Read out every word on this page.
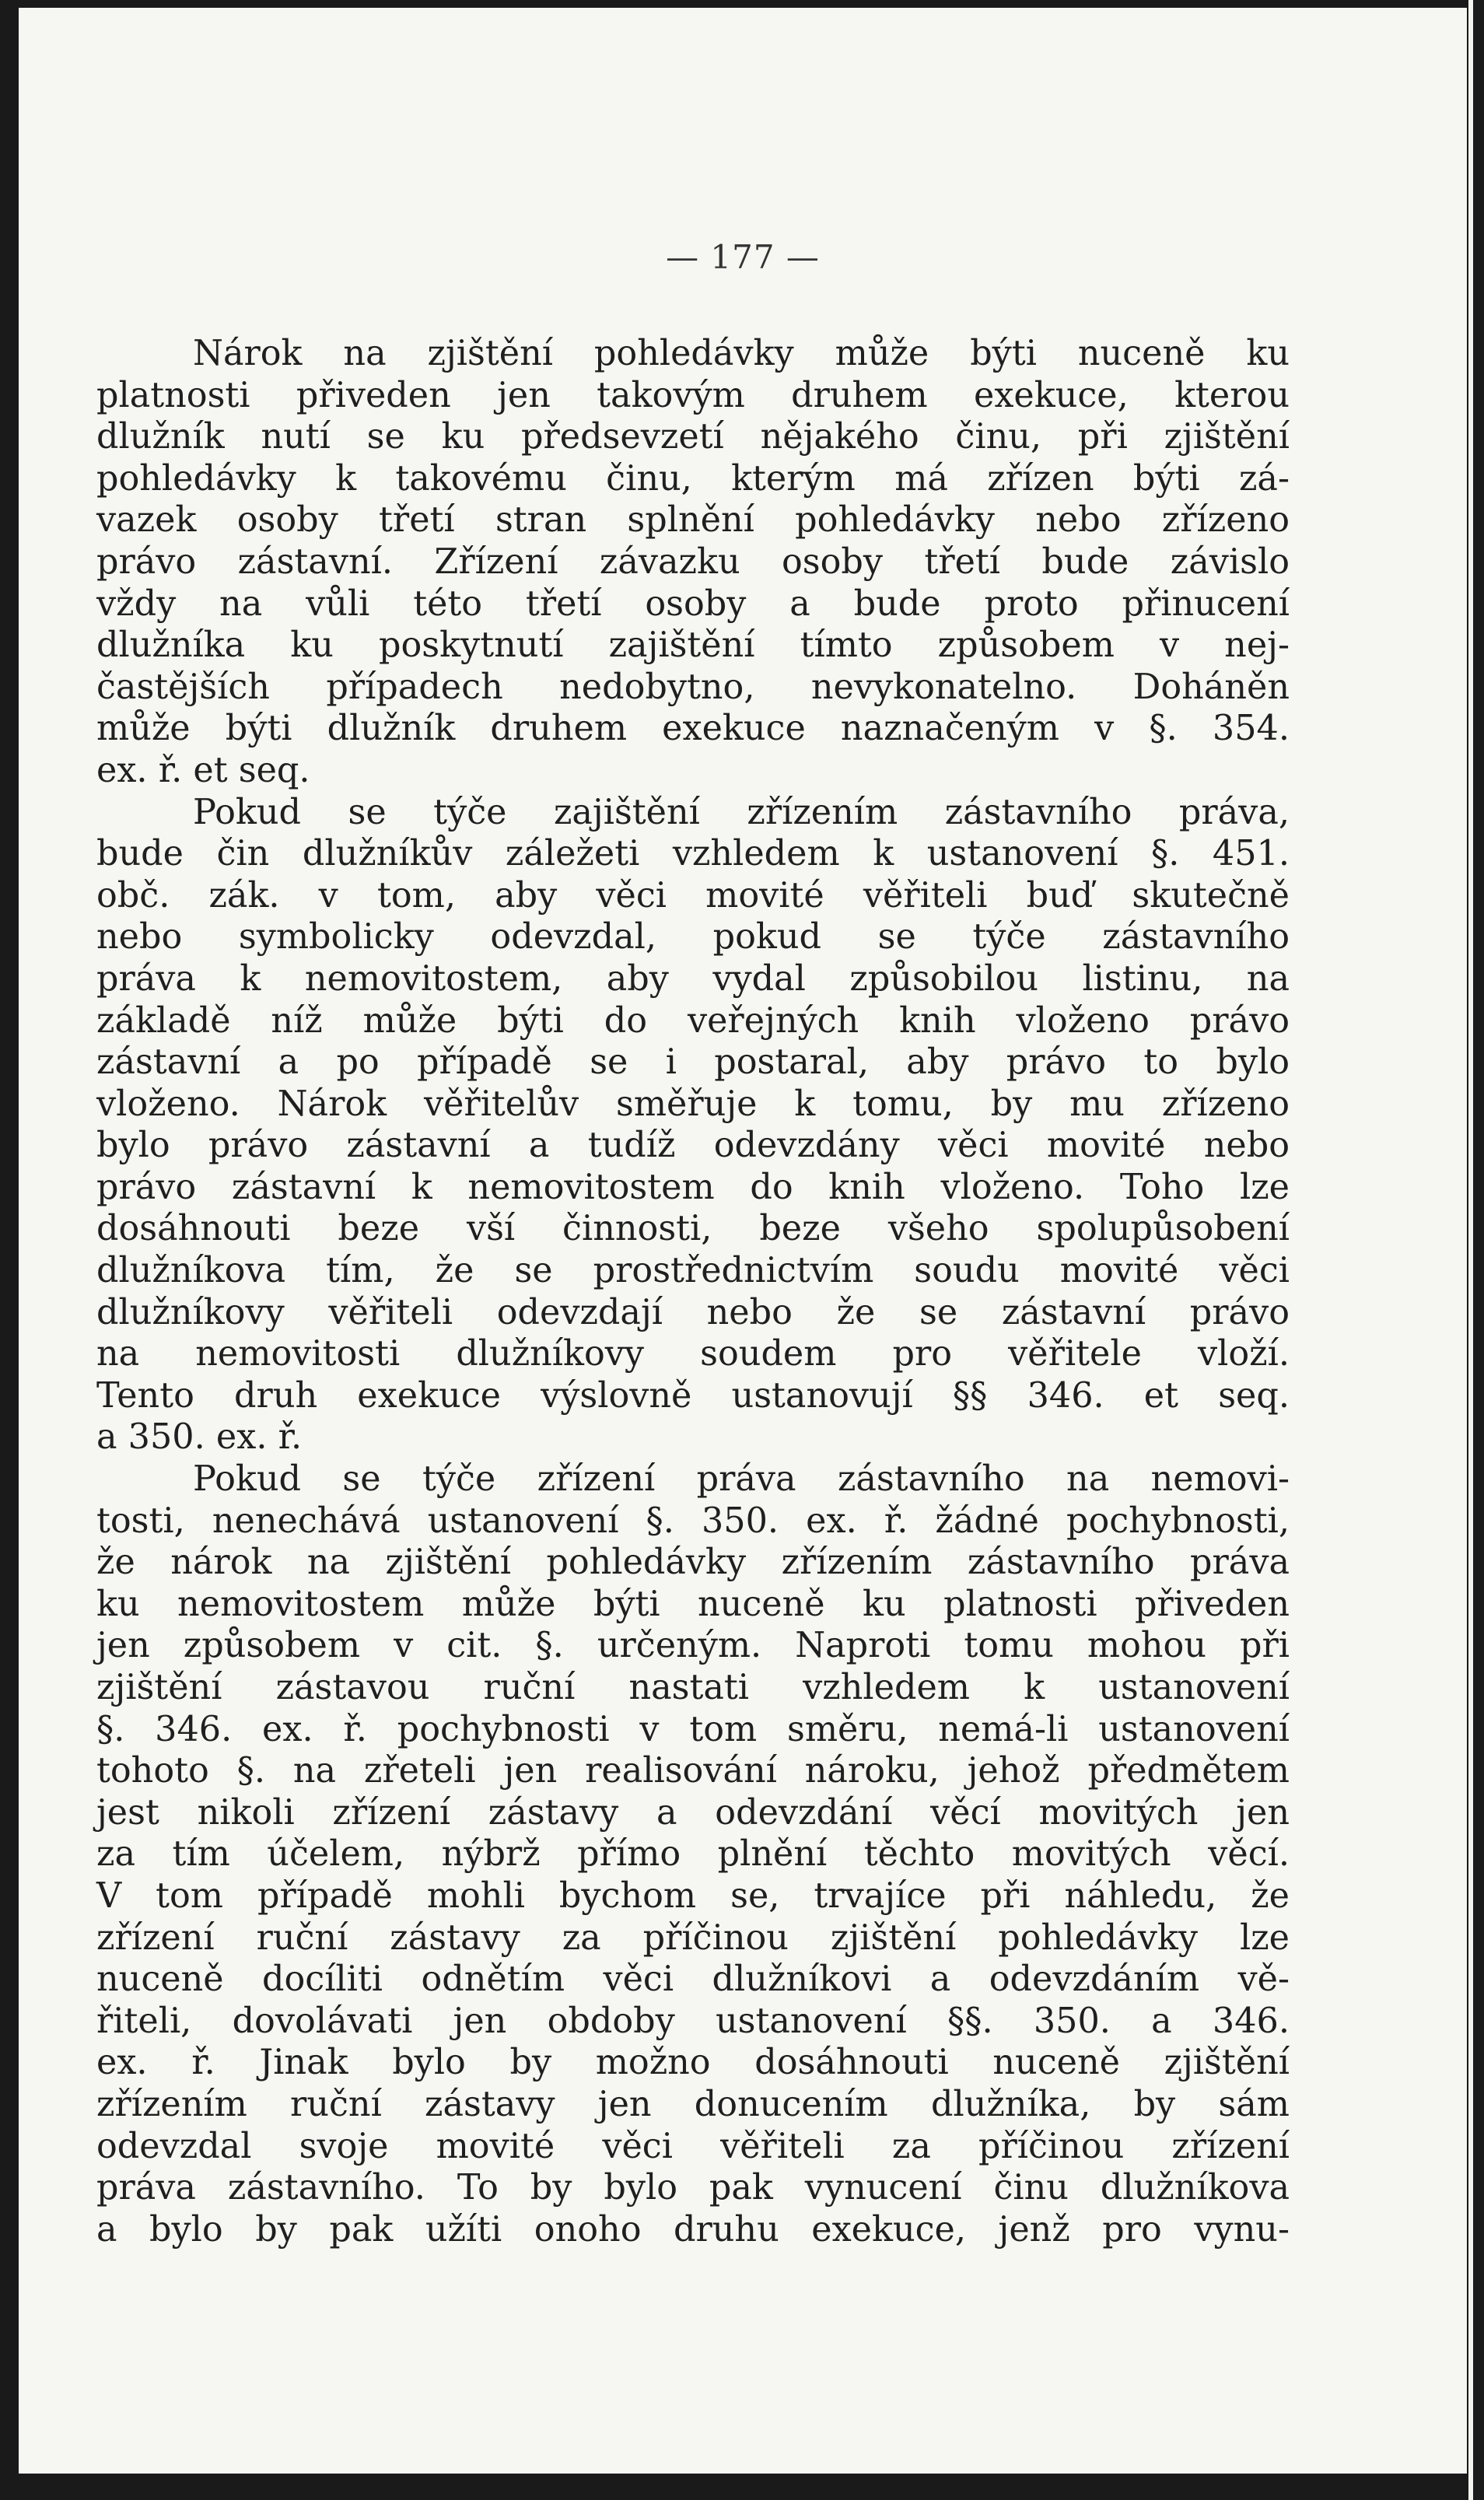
— 177 —
Nárok na zjištění pohledávky může býti nuceně ku
platnosti přiveden jen takovým druhem exekuce, kterou
dlužník nutí se ku předsevzetí nějakého činu, při zjištění
pohledávky k takovému činu, kterým má zřízen býti zá-
vazek osoby třetí stran splnění pohledávky nebo zřízeno
právo zástavní. Zřízení závazku osoby třetí bude závislo
vždy na vůli této třetí osoby a bude proto přinucení
dlužníka ku poskytnutí zajištění tímto způsobem v nej-
častějších případech nedobytno, nevykonatelno. Doháněn
může býti dlužník druhem exekuce naznačeným v §. 354.
ex. ř. et seq.
Pokud se týče zajištění zřízením zástavního práva,
bude čin dlužníkův záležeti vzhledem k ustanovení §. 451.
obč. zák. v tom, aby věci movité věřiteli buď skutečně
nebo symbolicky odevzdal, pokud se týče zástavního
práva k nemovitostem, aby vydal způsobilou listinu, na
základě níž může býti do veřejných knih vloženo právo
zástavní a po případě se i postaral, aby právo to bylo
vloženo. Nárok věřitelův směřuje k tomu, by mu zřízeno
bylo právo zástavní a tudíž odevzdány věci movité nebo
právo zástavní k nemovitostem do knih vloženo. Toho lze
dosáhnouti beze vší činnosti, beze všeho spolupůsobení
dlužníkova tím, že se prostřednictvím soudu movité věci
dlužníkovy věřiteli odevzdají nebo že se zástavní právo
na nemovitosti dlužníkovy soudem pro věřitele vloží.
Tento druh exekuce výslovně ustanovují §§ 346. et seq.
a 350. ex. ř.
Pokud se týče zřízení práva zástavního na nemovi-
tosti, nenechává ustanovení §. 350. ex. ř. žádné pochybnosti,
že nárok na zjištění pohledávky zřízením zástavního práva
ku nemovitostem může býti nuceně ku platnosti přiveden
jen způsobem v cit. §. určeným. Naproti tomu mohou při
zjištění zástavou ruční nastati vzhledem k ustanovení
§. 346. ex. ř. pochybnosti v tom směru, nemá-li ustanovení
tohoto §. na zřeteli jen realisování nároku, jehož předmětem
jest nikoli zřízení zástavy a odevzdání věcí movitých jen
za tím účelem, nýbrž přímo plnění těchto movitých věcí.
V tom případě mohli bychom se, trvajíce při náhledu, že
zřízení ruční zástavy za příčinou zjištění pohledávky lze
nuceně docíliti odnětím věci dlužníkovi a odevzdáním vě-
řiteli, dovolávati jen obdoby ustanovení §§. 350. a 346.
ex. ř. Jinak bylo by možno dosáhnouti nuceně zjištění
zřízením ruční zástavy jen donucením dlužníka, by sám
odevzdal svoje movité věci věřiteli za příčinou zřízení
práva zástavního. To by bylo pak vynucení činu dlužníkova
a bylo by pak užíti onoho druhu exekuce, jenž pro vynu-
